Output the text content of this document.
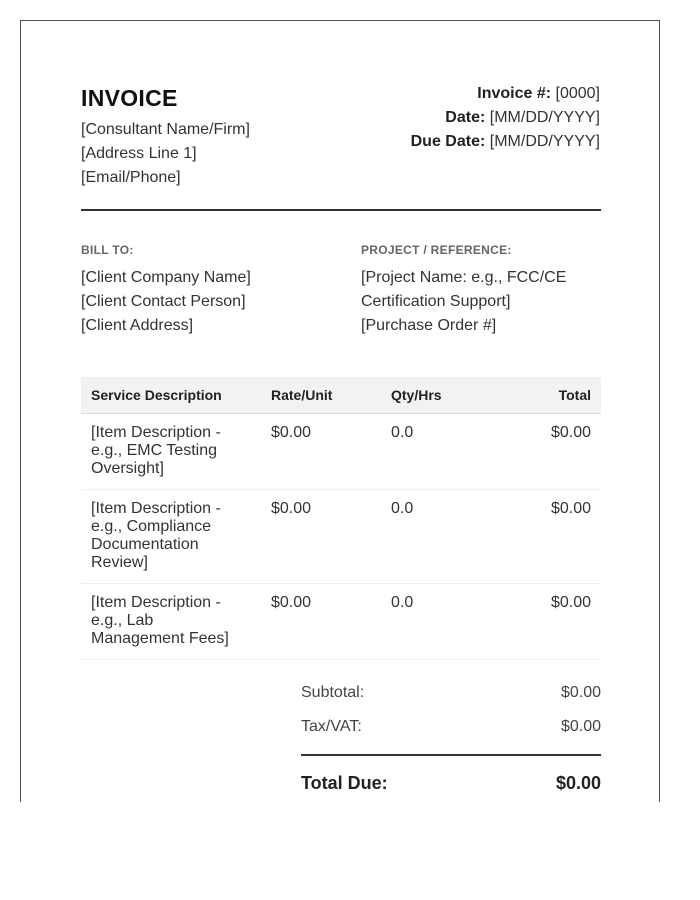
INVOICE
[Consultant Name/Firm]
[Address Line 1]
[Email/Phone]
Invoice #: [0000]
Date: [MM/DD/YYYY]
Due Date: [MM/DD/YYYY]
BILL TO:
[Client Company Name]
[Client Contact Person]
[Client Address]
PROJECT / REFERENCE:
[Project Name: e.g., FCC/CE
Certification Support]
[Purchase Order #]
Service Description	Rate/Unit	Qty/Hrs	Total
[Item Description - e.g., EMC Testing Oversight]	$0.00	0.0	$0.00
[Item Description - e.g., Compliance Documentation Review]	$0.00	0.0	$0.00
[Item Description - e.g., Lab Management Fees]	$0.00	0.0	$0.00
Subtotal:	$0.00
Tax/VAT:	$0.00
Total Due:	$0.00
